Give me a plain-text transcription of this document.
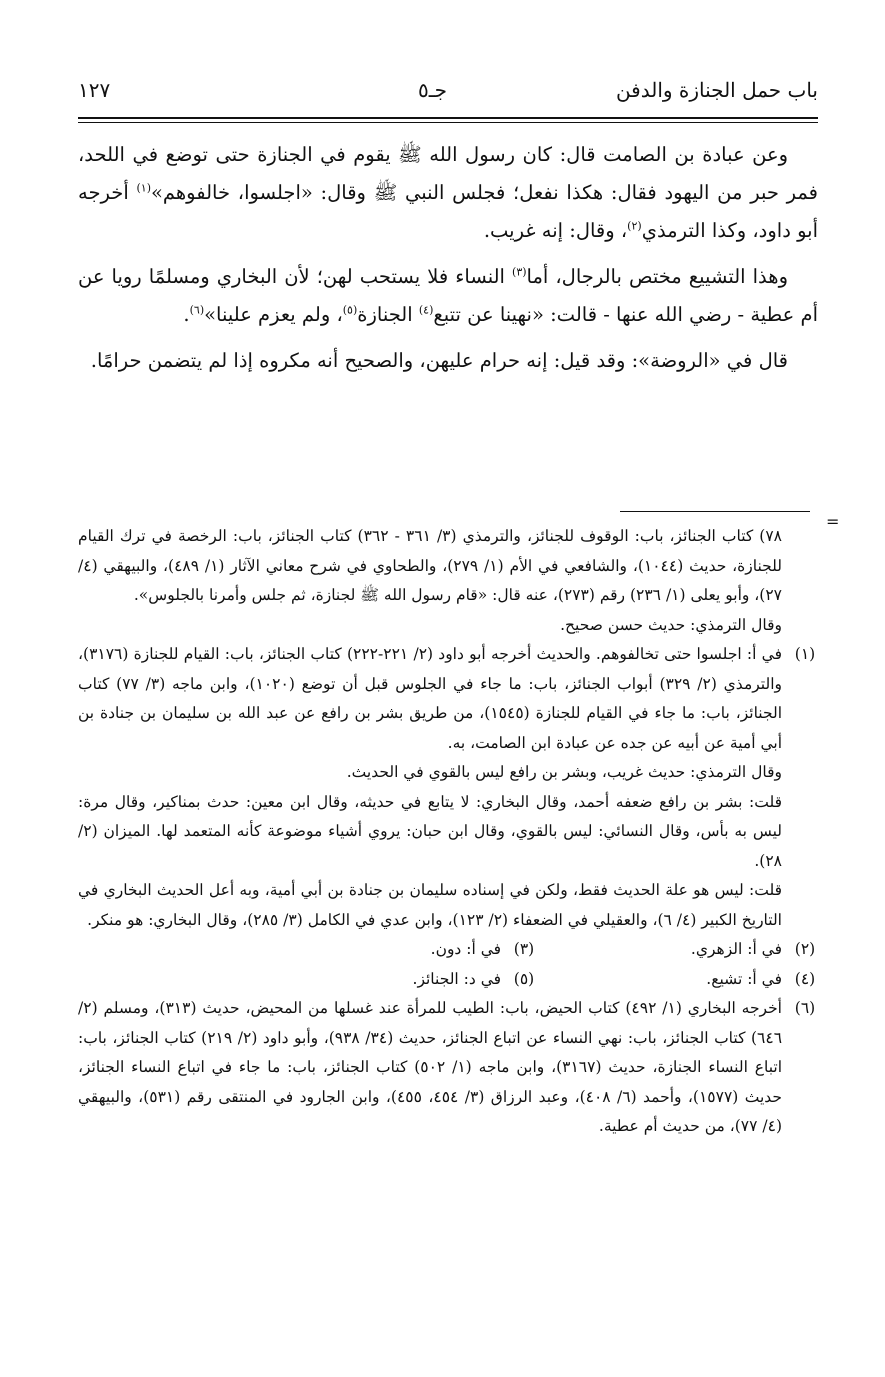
باب حمل الجنازة والدفن
جـ٥
١٢٧

وعن عبادة بن الصامت قال: كان رسول الله ﷺ يقوم في الجنازة حتى توضع في اللحد، فمر حبر من اليهود فقال: هكذا نفعل؛ فجلس النبي ﷺ وقال: «اجلسوا، خالفوهم»$^{(١)}$ أخرجه أبو داود، وكذا الترمذي$^{(٢)}$، وقال: إنه غريب.

وهذا التشييع مختص بالرجال، أما$^{(٣)}$ النساء فلا يستحب لهن؛ لأن البخاري ومسلمًا رويا عن أم عطية - رضي الله عنها - قالت: «نهينا عن تتبع$^{(٤)}$ الجنازة$^{(٥)}$، ولم يعزم علينا»$^{(٦)}$.

قال في «الروضة»: وقد قيل: إنه حرام عليهن، والصحيح أنه مكروه إذا لم يتضمن حرامًا.

=

٧٨) كتاب الجنائز، باب: الوقوف للجنائز، والترمذي (٣/ ٣٦١ - ٣٦٢) كتاب الجنائز، باب: الرخصة في ترك القيام للجنازة، حديث (١٠٤٤)، والشافعي في الأم (١/ ٢٧٩)، والطحاوي في شرح معاني الآثار (١/ ٤٨٩)، والبيهقي (٤/ ٢٧)، وأبو يعلى (١/ ٢٣٦) رقم (٢٧٣)، عنه قال: «قام رسول الله ﷺ لجنازة، ثم جلس وأمرنا بالجلوس».

وقال الترمذي: حديث حسن صحيح.

(١)

في أ: اجلسوا حتى تخالفوهم. والحديث أخرجه أبو داود (٢/ ٢٢١-٢٢٢) كتاب الجنائز، باب: القيام للجنازة (٣١٧٦)، والترمذي (٢/ ٣٢٩) أبواب الجنائز، باب: ما جاء في الجلوس قبل أن توضع (١٠٢٠)، وابن ماجه (٣/ ٧٧) كتاب الجنائز، باب: ما جاء في القيام للجنازة (١٥٤٥)، من طريق بشر بن رافع عن عبد الله بن سليمان بن جنادة بن أبي أمية عن أبيه عن جده عن عبادة ابن الصامت، به.

وقال الترمذي: حديث غريب، وبشر بن رافع ليس بالقوي في الحديث.

قلت: بشر بن رافع ضعفه أحمد، وقال البخاري: لا يتابع في حديثه، وقال ابن معين: حدث بمناكير، وقال مرة: ليس به بأس، وقال النسائي: ليس بالقوي، وقال ابن حبان: يروي أشياء موضوعة كأنه المتعمد لها. الميزان (٢/ ٢٨).

قلت: ليس هو علة الحديث فقط، ولكن في إسناده سليمان بن جنادة بن أبي أمية، وبه أعل الحديث البخاري في التاريخ الكبير (٤/ ٦)، والعقيلي في الضعفاء (٢/ ١٢٣)، وابن عدي في الكامل (٣/ ٢٨٥)، وقال البخاري: هو منكر.

(٢)
في أ: الزهري.(٣) في أ: دون.
(٤)
في أ: تشيع.(٥) في د: الجنائز.
(٦)

أخرجه البخاري (١/ ٤٩٢) كتاب الحيض، باب: الطيب للمرأة عند غسلها من المحيض، حديث (٣١٣)، ومسلم (٢/ ٦٤٦) كتاب الجنائز، باب: نهي النساء عن اتباع الجنائز، حديث (٣٤/ ٩٣٨)، وأبو داود (٢/ ٢١٩) كتاب الجنائز، باب: اتباع النساء الجنازة، حديث (٣١٦٧)، وابن ماجه (١/ ٥٠٢) كتاب الجنائز، باب: ما جاء في اتباع النساء الجنائز، حديث (١٥٧٧)، وأحمد (٦/ ٤٠٨)، وعبد الرزاق (٣/ ٤٥٤، ٤٥٥)، وابن الجارود في المنتقى رقم (٥٣١)، والبيهقي (٤/ ٧٧)، من حديث أم عطية.
